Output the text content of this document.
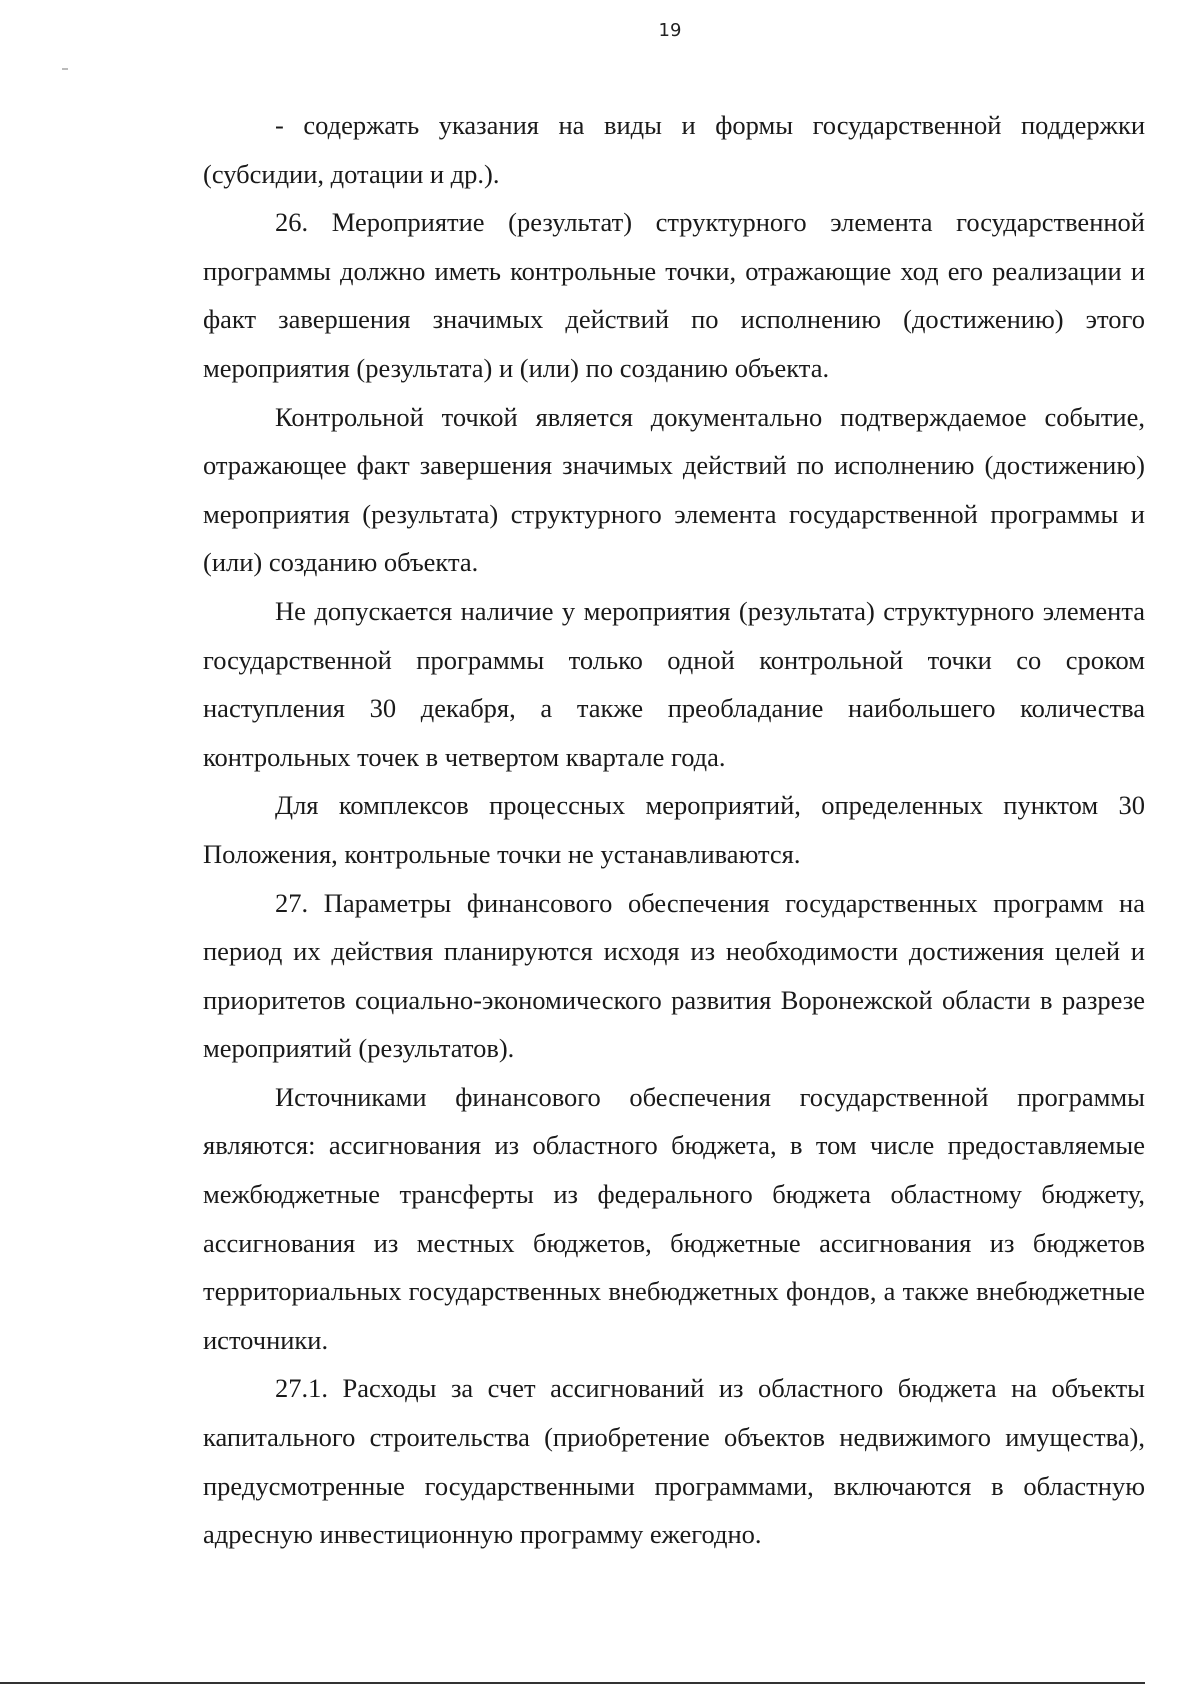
19

- содержать указания на виды и формы государственной поддержки (субсидии, дотации и др.).

26. Мероприятие (результат) структурного элемента государственной программы должно иметь контрольные точки, отражающие ход его реализации и факт завершения значимых действий по исполнению (достижению) этого мероприятия (результата) и (или) по созданию объекта.

Контрольной точкой является документально подтверждаемое событие, отражающее факт завершения значимых действий по исполнению (достижению) мероприятия (результата) структурного элемента государственной программы и (или) созданию объекта.

Не допускается наличие у мероприятия (результата) структурного элемента государственной программы только одной контрольной точки со сроком наступления 30 декабря, а также преобладание наибольшего количества контрольных точек в четвертом квартале года.

Для комплексов процессных мероприятий, определенных пунктом 30 Положения, контрольные точки не устанавливаются.

27. Параметры финансового обеспечения государственных программ на период их действия планируются исходя из необходимости достижения целей и приоритетов социально-экономического развития Воронежской области в разрезе мероприятий (результатов).

Источниками финансового обеспечения государственной программы являются: ассигнования из областного бюджета, в том числе предоставляемые межбюджетные трансферты из федерального бюджета областному бюджету, ассигнования из местных бюджетов, бюджетные ассигнования из бюджетов территориальных государственных внебюджетных фондов, а также внебюджетные источники.

27.1. Расходы за счет ассигнований из областного бюджета на объекты капитального строительства (приобретение объектов недвижимого имущества), предусмотренные государственными программами, включаются в областную адресную инвестиционную программу ежегодно.
